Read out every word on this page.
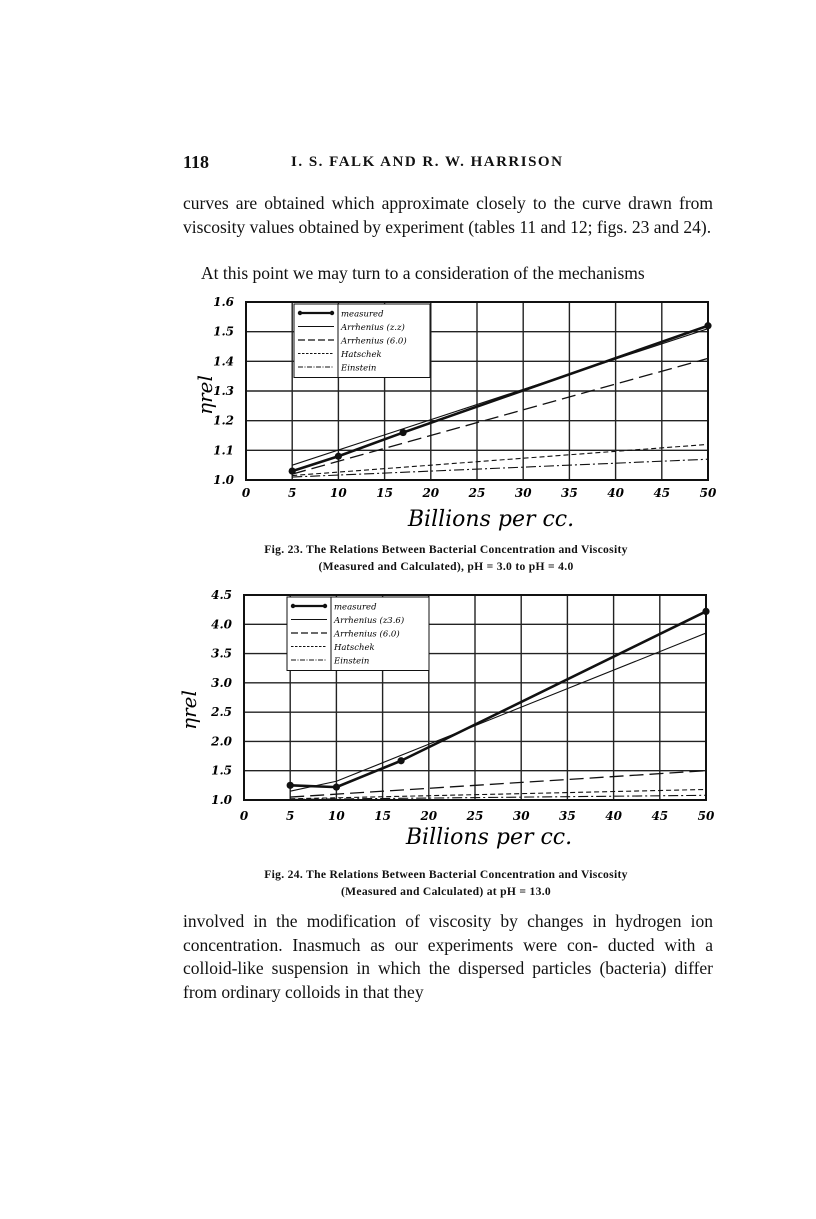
118	I. S. FALK AND R. W. HARRISON

curves are obtained which approximate closely to the curve drawn from viscosity values obtained by experiment (tables 11 and 12; figs. 23 and 24).

At this point we may turn to a consideration of the mechanisms

0	5	10 15 20 25 30 35 40 45 50
1.0
1.1
1.2
1.3
1.4
1.5
1.6
measured
Arrhenius (z.z)
Arrhenius (6.0)
Hatschek
Einstein
Billions per cc.
ηrel
Fig. 23. The Relations Between Bacterial Concentration and Viscosity
(Measured and Calculated), pH = 3.0 to pH = 4.0
0	5	10 15 20 25 30 35 40 45 50
1.0
1.5
2.0
2.5
3.0
3.5
4.0
4.5
measured
Arrhenius (z3.6)
Arrhenius (6.0)
Hatschek
Einstein
Billions per cc.
ηrel
Fig. 24. The Relations Between Bacterial Concentration and Viscosity
(Measured and Calculated) at pH = 13.0

involved in the modification of viscosity by changes in hydrogen ion concentration. Inasmuch as our experiments were con- ducted with a colloid-like suspension in which the dispersed particles (bacteria) differ from ordinary colloids in that they
